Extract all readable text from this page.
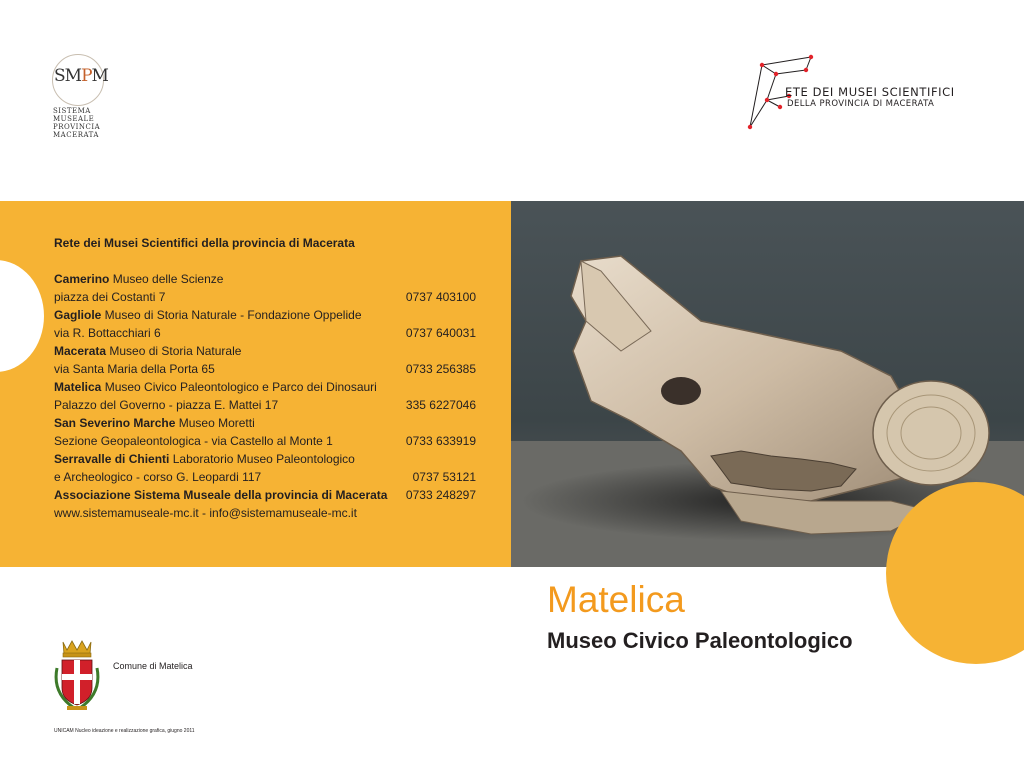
SMPM
SISTEMA
MUSEALE
PROVINCIA
MACERATA
ETE DEI MUSEI SCIENTIFICI
DELLA PROVINCIA DI MACERATA
Rete dei Musei Scientifici della provincia di Macerata
Camerino Museo delle Scienze
piazza dei Costanti 7	0737 403100
Gagliole Museo di Storia Naturale - Fondazione Oppelide
via R. Bottacchiari 6	0737 640031
Macerata Museo di Storia Naturale
via Santa Maria della Porta 65	0733 256385
Matelica Museo Civico Paleontologico e Parco dei Dinosauri
Palazzo del Governo - piazza E. Mattei 17	335 6227046
San Severino Marche Museo Moretti
Sezione Geopaleontologica - via Castello al Monte 1	0733 633919
Serravalle di Chienti Laboratorio Museo Paleontologico
e Archeologico - corso G. Leopardi 117	0737 53121
Associazione Sistema Museale della provincia di Macerata 0733 248297
www.sistemamuseale-mc.it - info@sistemamuseale-mc.it
Matelica
Museo Civico Paleontologico
Comune di Matelica
UNICAM Nucleo ideazione e realizzazione grafica, giugno 2011
